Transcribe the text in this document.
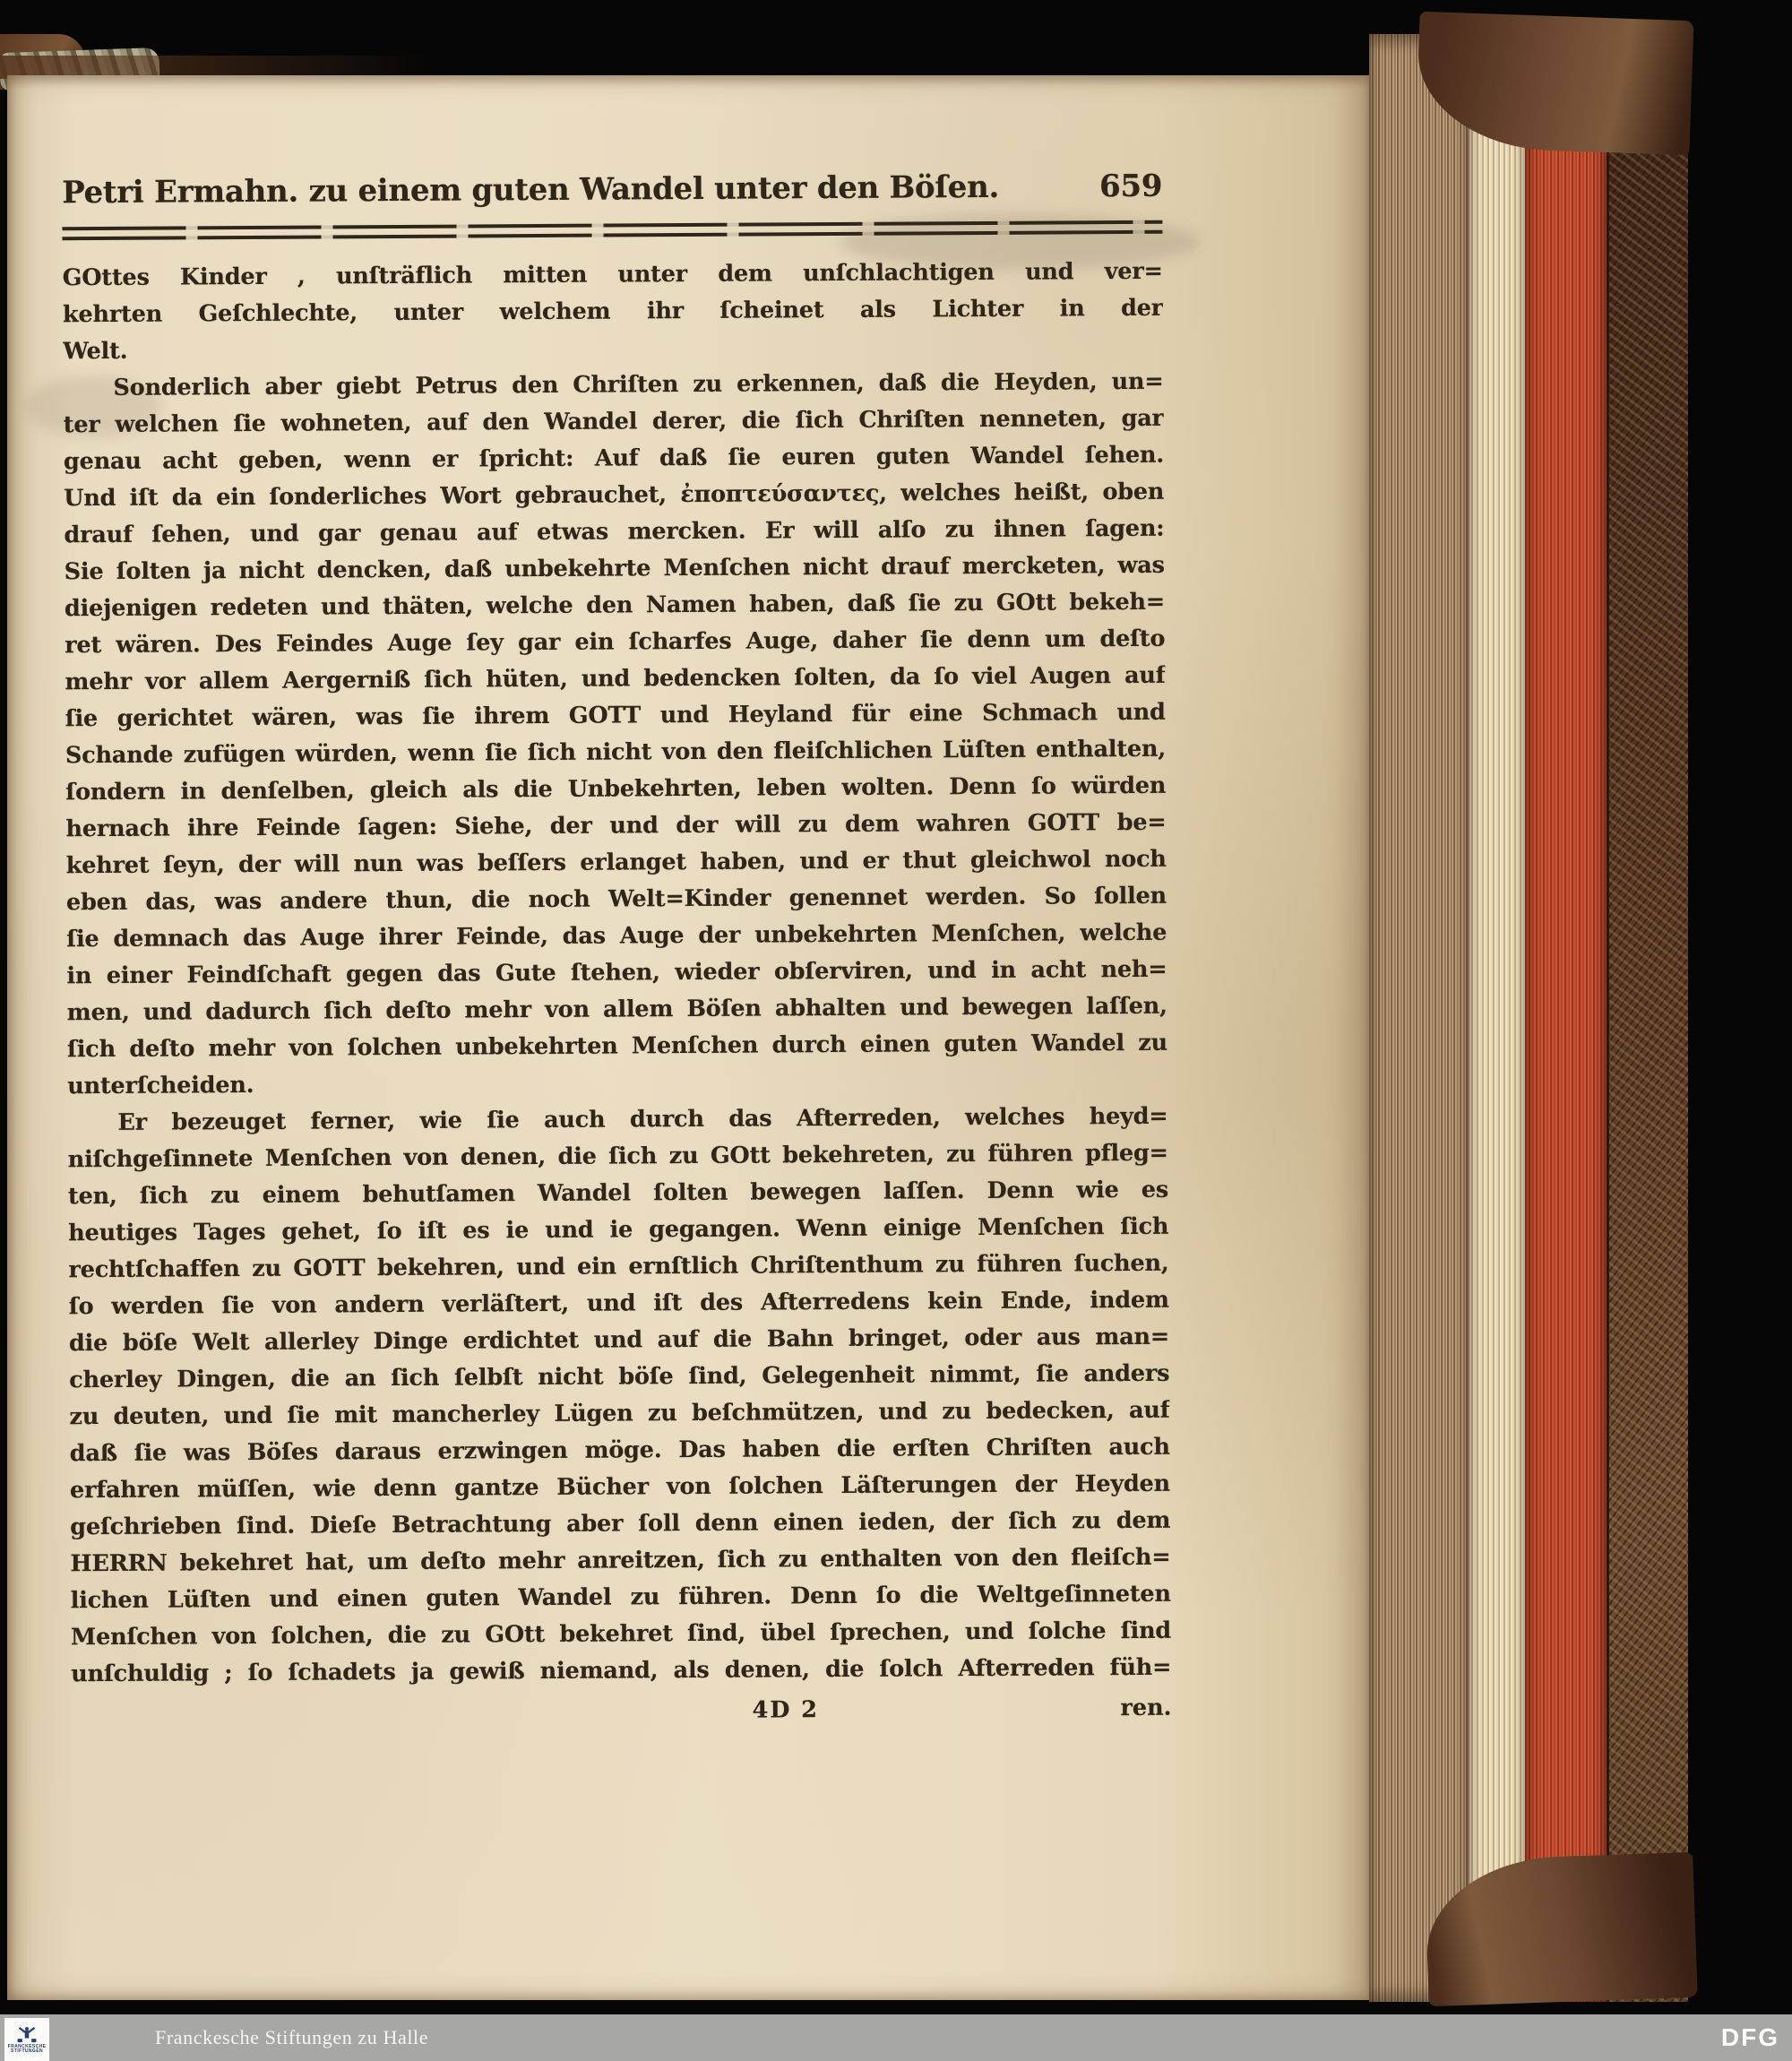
Petri Ermahn. zu einem guten Wandel unter den Böſen.	659
GOttes Kinder , unſträflich mitten unter dem unſchlachtigen und ver=
kehrten Geſchlechte, unter welchem ihr ſcheinet als Lichter in der
Welt.
Sonderlich aber giebt Petrus den Chriſten zu erkennen, daß die Heyden, un=
ter welchen ſie wohneten, auf den Wandel derer, die ſich Chriſten nenneten, gar
genau acht geben, wenn er ſpricht: Auf daß ſie euren guten Wandel ſehen.
Und iſt da ein ſonderliches Wort gebrauchet, ἐποπτεύσαντες, welches heißt, oben
drauf ſehen, und gar genau auf etwas mercken. Er will alſo zu ihnen ſagen:
Sie ſolten ja nicht dencken, daß unbekehrte Menſchen nicht drauf mercketen, was
diejenigen redeten und thäten, welche den Namen haben, daß ſie zu GOtt bekeh=
ret wären. Des Feindes Auge ſey gar ein ſcharfes Auge, daher ſie denn um deſto
mehr vor allem Aergerniß ſich hüten, und bedencken ſolten, da ſo viel Augen auf
ſie gerichtet wären, was ſie ihrem GOTT und Heyland für eine Schmach und
Schande zufügen würden, wenn ſie ſich nicht von den fleiſchlichen Lüſten enthalten,
ſondern in denſelben, gleich als die Unbekehrten, leben wolten. Denn ſo würden
hernach ihre Feinde ſagen: Siehe, der und der will zu dem wahren GOTT be=
kehret ſeyn, der will nun was beſſers erlanget haben, und er thut gleichwol noch
eben das, was andere thun, die noch Welt=Kinder genennet werden. So ſollen
ſie demnach das Auge ihrer Feinde, das Auge der unbekehrten Menſchen, welche
in einer Feindſchaft gegen das Gute ſtehen, wieder obſerviren, und in acht neh=
men, und dadurch ſich deſto mehr von allem Böſen abhalten und bewegen laſſen,
ſich deſto mehr von ſolchen unbekehrten Menſchen durch einen guten Wandel zu
unterſcheiden.
Er bezeuget ferner, wie ſie auch durch das Afterreden, welches heyd=
niſchgeſinnete Menſchen von denen, die ſich zu GOtt bekehreten, zu führen pfleg=
ten, ſich zu einem behutſamen Wandel ſolten bewegen laſſen. Denn wie es
heutiges Tages gehet, ſo iſt es ie und ie gegangen. Wenn einige Menſchen ſich
rechtſchaffen zu GOTT bekehren, und ein ernſtlich Chriſtenthum zu führen ſuchen,
ſo werden ſie von andern verläſtert, und iſt des Afterredens kein Ende, indem
die böſe Welt allerley Dinge erdichtet und auf die Bahn bringet, oder aus man=
cherley Dingen, die an ſich ſelbſt nicht böſe ſind, Gelegenheit nimmt, ſie anders
zu deuten, und ſie mit mancherley Lügen zu beſchmützen, und zu bedecken, auf
daß ſie was Böſes daraus erzwingen möge. Das haben die erſten Chriſten auch
erfahren müſſen, wie denn gantze Bücher von ſolchen Läſterungen der Heyden
geſchrieben ſind. Dieſe Betrachtung aber ſoll denn einen ieden, der ſich zu dem
HERRN bekehret hat, um deſto mehr anreitzen, ſich zu enthalten von den fleiſch=
lichen Lüſten und einen guten Wandel zu führen. Denn ſo die Weltgeſinneten
Menſchen von ſolchen, die zu GOtt bekehret ſind, übel ſprechen, und ſolche ſind
unſchuldig ; ſo ſchadets ja gewiß niemand, als denen, die ſolch Afterreden füh=
4D 2	ren.
FRANCKESCHE
STIFTUNGEN
Franckesche Stiftungen zu Halle	DFG
